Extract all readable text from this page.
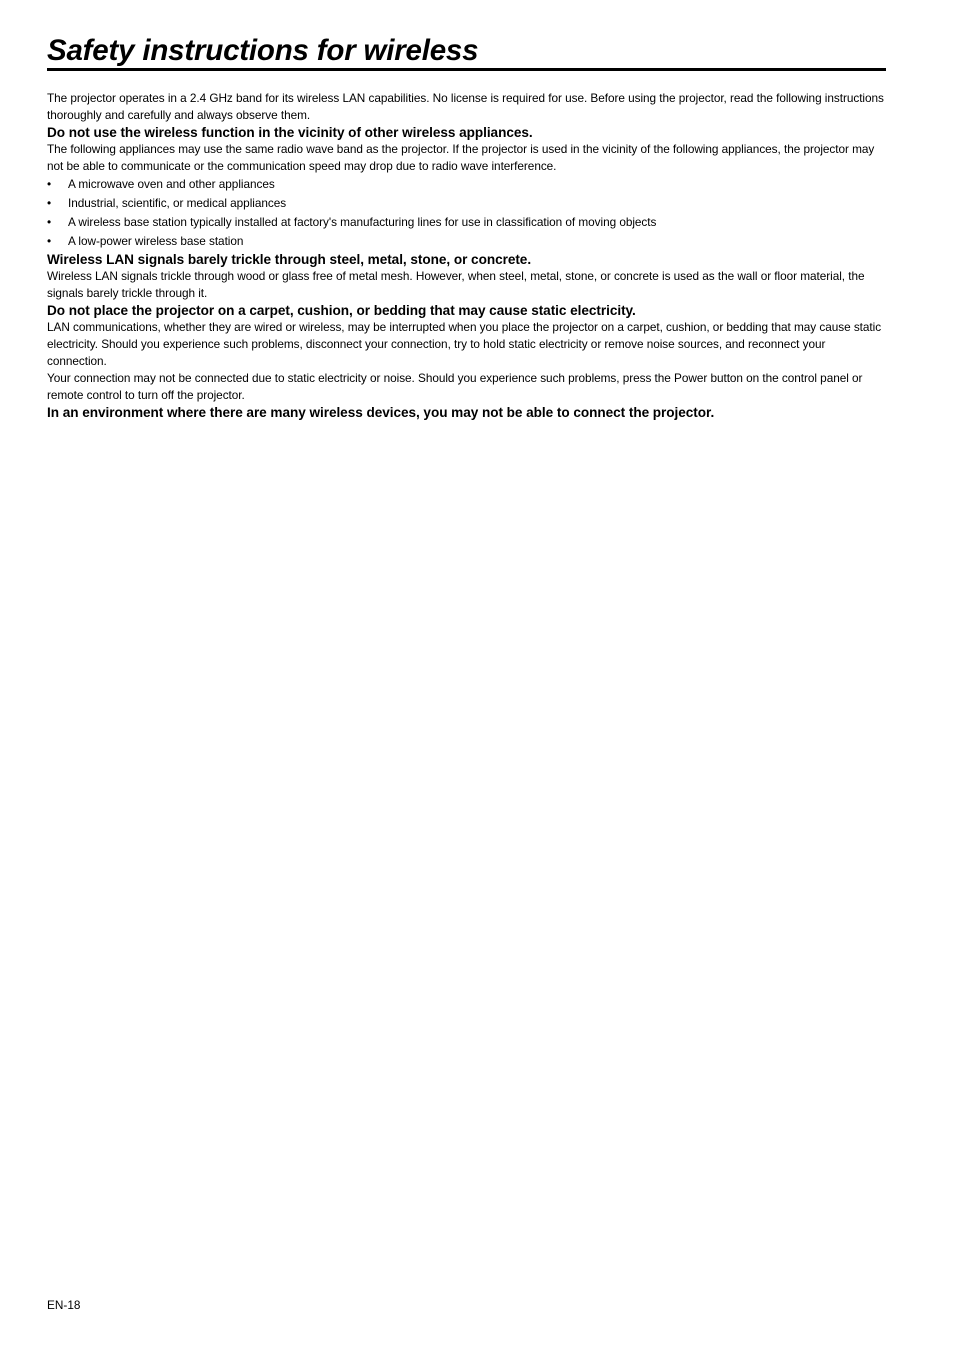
Safety instructions for wireless

The projector operates in a 2.4 GHz band for its wireless LAN capabilities. No license is required for use. Before using the projector, read the following instructions thoroughly and carefully and always observe them.

Do not use the wireless function in the vicinity of other wireless appliances.

The following appliances may use the same radio wave band as the projector. If the projector is used in the vicinity of the following appliances, the projector may not be able to communicate or the communication speed may drop due to radio wave interference.

• A microwave oven and other appliances
• Industrial, scientific, or medical appliances
• A wireless base station typically installed at factory's manufacturing lines for use in classification of moving objects
• A low-power wireless base station
Wireless LAN signals barely trickle through steel, metal, stone, or concrete.

Wireless LAN signals trickle through wood or glass free of metal mesh. However, when steel, metal, stone, or concrete is used as the wall or floor material, the signals barely trickle through it.

Do not place the projector on a carpet, cushion, or bedding that may cause static electricity.

LAN communications, whether they are wired or wireless, may be interrupted when you place the projector on a carpet, cushion, or bedding that may cause static electricity. Should you experience such problems, disconnect your connection, try to hold static electricity or remove noise sources, and reconnect your connection.

Your connection may not be connected due to static electricity or noise. Should you experience such problems, press the Power button on the control panel or remote control to turn off the projector.

In an environment where there are many wireless devices, you may not be able to connect the projector.
EN-18
